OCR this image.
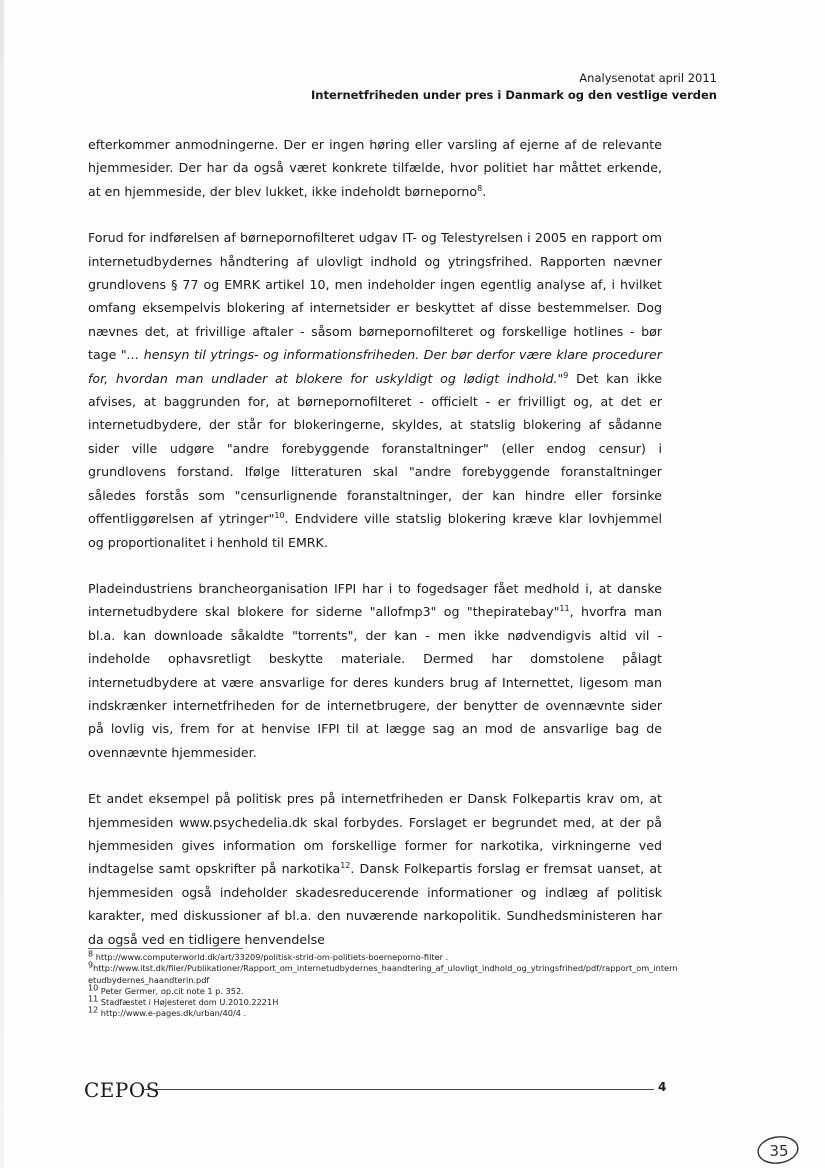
Analysenotat april 2011
Internetfriheden under pres i Danmark og den vestlige verden

efterkommer anmodningerne. Der er ingen høring eller varsling af ejerne af de relevante hjemmesider. Der har da også været konkrete tilfælde, hvor politiet har måttet erkende, at en hjemmeside, der blev lukket, ikke indeholdt børneporno$^8$.

Forud for indførelsen af børnepornofilteret udgav IT- og Telestyrelsen i 2005 en rapport om internetudbydernes håndtering af ulovligt indhold og ytringsfrihed. Rapporten nævner grundlovens § 77 og EMRK artikel 10, men indeholder ingen egentlig analyse af, i hvilket omfang eksempelvis blokering af internetsider er beskyttet af disse bestemmelser. Dog nævnes det, at frivillige aftaler - såsom børnepornofilteret og forskellige hotlines - bør tage "… hensyn til ytrings- og informationsfriheden. Der bør derfor være klare procedurer for, hvordan man undlader at blokere for uskyldigt og lødigt indhold."$^9$ Det kan ikke afvises, at baggrunden for, at børnepornofilteret - officielt - er frivilligt og, at det er internetudbydere, der står for blokeringerne, skyldes, at statslig blokering af sådanne sider ville udgøre "andre forebyggende foranstaltninger" (eller endog censur) i grundlovens forstand. Ifølge litteraturen skal "andre forebyggende foranstaltninger således forstås som "censurlignende foranstaltninger, der kan hindre eller forsinke offentliggørelsen af ytringer"$^{10}$. Endvidere ville statslig blokering kræve klar lovhjemmel og proportionalitet i henhold til EMRK.

Pladeindustriens brancheorganisation IFPI har i to fogedsager fået medhold i, at danske internetudbydere skal blokere for siderne "allofmp3" og "thepiratebay"$^{11}$, hvorfra man bl.a. kan downloade såkaldte "torrents", der kan - men ikke nødvendigvis altid vil - indeholde ophavsretligt beskytte materiale. Dermed har domstolene pålagt internetudbydere at være ansvarlige for deres kunders brug af Internettet, ligesom man indskrænker internetfriheden for de internetbrugere, der benytter de ovennævnte sider på lovlig vis, frem for at henvise IFPI til at lægge sag an mod de ansvarlige bag de ovennævnte hjemmesider.

Et andet eksempel på politisk pres på internetfriheden er Dansk Folkepartis krav om, at hjemmesiden www.psychedelia.dk skal forbydes. Forslaget er begrundet med, at der på hjemmesiden gives information om forskellige former for narkotika, virkningerne ved indtagelse samt opskrifter på narkotika$^{12}$. Dansk Folkepartis forslag er fremsat uanset, at hjemmesiden også indeholder skadesreducerende informationer og indlæg af politisk karakter, med diskussioner af bl.a. den nuværende narkopolitik. Sundhedsministeren har da også ved en tidligere henvendelse

$^8$ http://www.computerworld.dk/art/33209/politisk-strid-om-politiets-boerneporno-filter .
$^9$http://www.itst.dk/filer/Publikationer/Rapport_om_internetudbydernes_haandtering_af_ulovligt_indhold_og_ytringsfrihed/pdf/rapport_om_internetudbydernes_haandterin.pdf
$^{10}$ Peter Germer, op.cit note 1 p. 352.
$^{11}$ Stadfæstet i Højesteret dom U.2010.2221H
$^{12}$ http://www.e-pages.dk/urban/40/4 .
CEPOS	4
35
